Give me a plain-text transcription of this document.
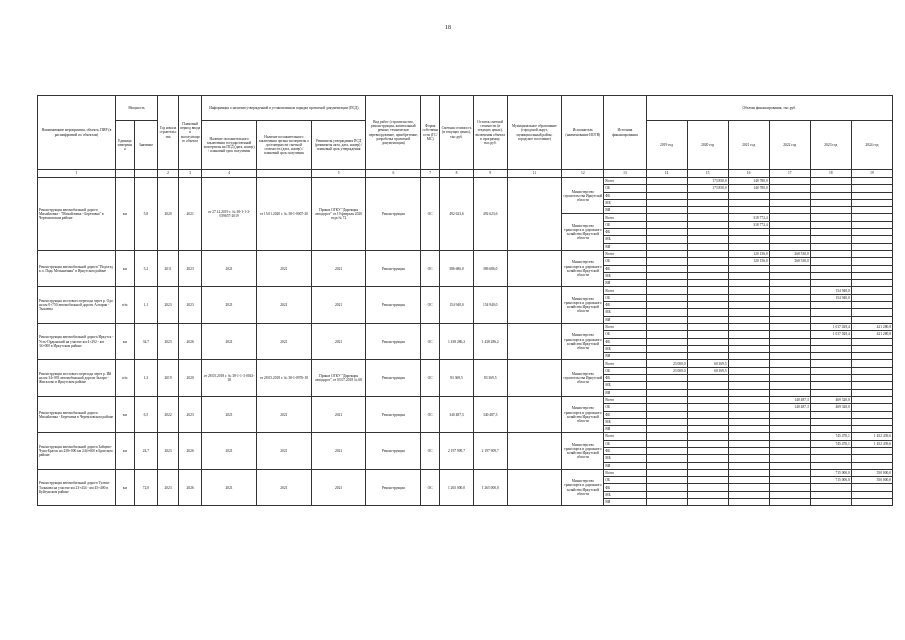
18
Наименование мероприятия, объекта, ПИР (в расшифровкой по объектам)	Мощность		Год начала строительства	Плановый период ввода в эксплуатацию объекта	Информация о наличии утвержденной в установленном порядке проектной документации (ПСД)			Вид работ (строительство, реконструкция, капитальный ремонт, техническое перевооружение, приобретение, разработка проектной документации)	Форма собственности (ГС/МС)	Сметная стоимость (в текущих ценах), тыс.руб.	Остаток сметной стоимости (в текущих ценах), включения объекта в программу, тыс.руб.	Муниципальное образование (городской округ, муниципальный район, городское поселение)	Исполнитель (наименование ИОГВ)	Источник финансирования	Объемы финансирования, тыс.руб.					
	Единица измерения	Значение			Наличие положительного заключения государственной экспертизы на ПСД (дата, номер) / плановый срок получения	Наличие положительного заключения органа экспертизы о достоверности сметной стоимости (дата, номер) / плановый срок получения	Реквизиты утверждения ПСД (реквизиты акта, дата, номер) / плановый срок утверждения								2019 год	2020 год	2021 год	2022 год	2023 год	2024 год
1			2	3	4		5	6	7	8	9	11	12	13	14	15	16	17	18	19
Реконструкция автомобильной дороги Михайловка - "Михайловка - Березовка" в Черемховском районе	км	5,8	2020	2021	от 27.12.2019 г. № 38-1-1-3-039657-2019	от 15.01.2020 г. № 38-1-0007-20	Приказ ОГКУ "Дирекция автодорог" от 19 февраля 2020 года № 72	Реконструкция	ОС	492 623,6	492 623,6		Министерство строительства Иркутской области	Всего		173 850,0	140 780,0			
														ОБ		173 850,0	140 780,0			
														ФБ						
														МБ						
														ВИ						
													Министерство транспорта и дорожного хозяйства Иркутской области	Всего			318 772,4			
														ОБ			318 772,4			
														ФБ						
														МБ						
														ВИ						
Реконструкция автомобильной дороги "Подъезд к п. Падь Мельничная" в Иркутском районе	км	5,2	2011	2023	2021	2021	2021	Реконструкция	ОС	386 686,0	386 686,0		Министерство транспорта и дорожного хозяйства Иркутской области	Всего			120 156,0	268 530,0		
														ОБ			120 156,0	268 530,0		
														ФБ						
														МБ						
														ВИ						
Реконструкция мостового перехода через р. Ода на км 0+750 автомобильной дороги Алтарик - Тыхаевы	п/м	1,1	2023	2023	2021	2021	2021	Реконструкция	ОС	154 940,0	154 940,0		Министерство транспорта и дорожного хозяйства Иркутской области	Всего					154 940,0	
														ОБ					154 940,0	
														ФБ						
														МБ						
														ВИ						
Реконструкция автомобильной дороги Иркутск - Усть-Ордынский на участке км 4+292 - км 34+000 в Иркутском районе	км	34,7	2023	2026	2021	2021	2021	Реконструкция	ОС	1 438 286,2	1 438 286,2		Министерство транспорта и дорожного хозяйства Иркутской области	Всего					1 017 029,4	421 280,8
														ОБ					1 017 029,4	421 280,8
														ФБ						
														МБ						
														ВИ						
Реконструкция мостового перехода через р. Ий на км 34+093 автомобильной дороги Залари - Жигалово в Иркутском районе	п/м	1,3	2019	2020	от 28.05.2018 г. № 38-1-1-3-0043-18	от 28.05.2018 г. № 38-1-0976-18	Приказ ОГКУ "Дирекция автодорог" от 03.07.2018 № 68	Реконструкция	ОС	83 369,5	83 369,5		Министерство строительства Иркутской области	Всего	23 000,0	60 169,5				
														ОБ	23 000,0	60 169,5				
														ФБ						
														МБ						
														ВИ						
Реконструкция автомобильной дороги Михайловка - Березовка в Черемховском районе	км	6,5	2022	2023	2021	2021	2021	Реконструкция	ОС	340 487,3	340 487,3		Министерство транспорта и дорожного хозяйства Иркутской области	Всего				140 487,3	469 320,0	
														ОБ				140 487,3	469 320,0	
														ФБ						
														МБ						
														ВИ						
Реконструкция автомобильной дороги Зайцево-Чуна-Братск на 238+000 км 244+600 в Братском районе	км	24,7	2023	2026	2021	2021	2021	Реконструкция	ОС	2 197 909,7	2 197 909,7		Министерство транспорта и дорожного хозяйства Иркутской области	Всего					745 470,1	1 452 439,6
														ОБ					745 470,1	1 452 439,6
														ФБ						
														МБ						
														ВИ						
Реконструкция автомобильной дороги Тулюн-Талькова на участке км 23+434 - км 45+400 в Куйтунском районе	км	72,0	2023	2026	2021	2021	2021	Реконструкция	ОС	1 265 000,0	1 265 000,0		Министерство транспорта и дорожного хозяйства Иркутской области	Всего					715 000,0	550 000,0
														ОБ					715 000,0	550 000,0
														ФБ						
														МБ						
														ВИ						
